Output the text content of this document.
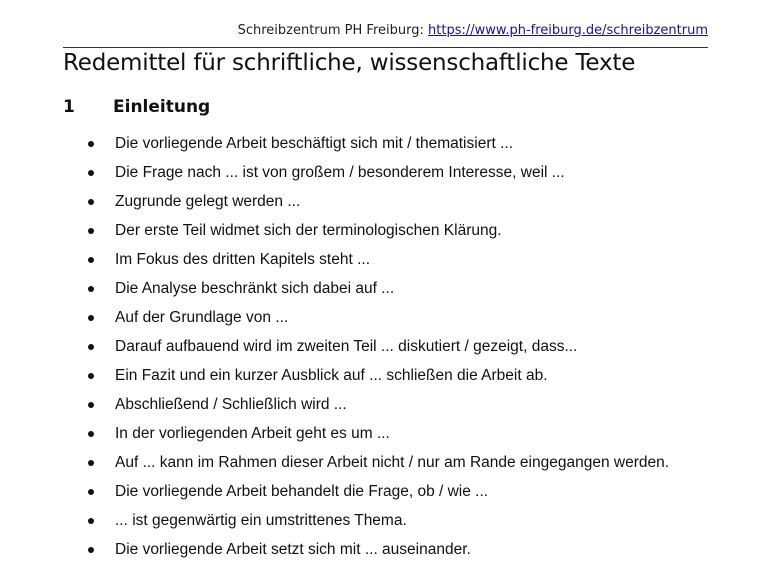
Schreibzentrum PH Freiburg: https://www.ph-freiburg.de/schreibzentrum
Redemittel für schriftliche, wissenschaftliche Texte
1 Einleitung
Die vorliegende Arbeit beschäftigt sich mit / thematisiert ...
Die Frage nach ... ist von großem / besonderem Interesse, weil ...
Zugrunde gelegt werden ...
Der erste Teil widmet sich der terminologischen Klärung.
Im Fokus des dritten Kapitels steht ...
Die Analyse beschränkt sich dabei auf ...
Auf der Grundlage von ...
Darauf aufbauend wird im zweiten Teil ... diskutiert / gezeigt, dass...
Ein Fazit und ein kurzer Ausblick auf ... schließen die Arbeit ab.
Abschließend / Schließlich wird ...
In der vorliegenden Arbeit geht es um ...
Auf ... kann im Rahmen dieser Arbeit nicht / nur am Rande eingegangen werden.
Die vorliegende Arbeit behandelt die Frage, ob / wie ...
... ist gegenwärtig ein umstrittenes Thema.
Die vorliegende Arbeit setzt sich mit ... auseinander.
